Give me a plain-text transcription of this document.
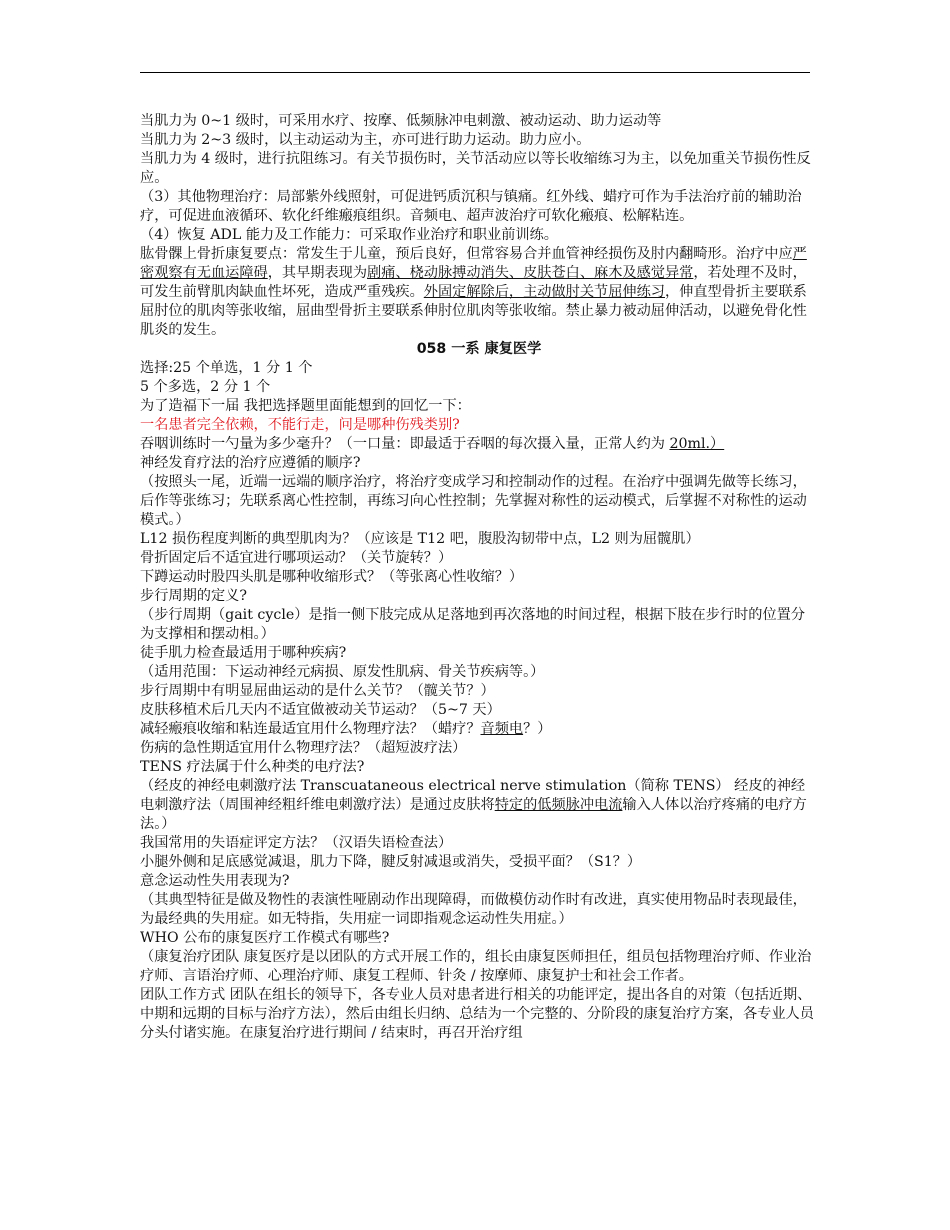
当肌力为 0~1 级时，可采用水疗、按摩、低频脉冲电刺激、被动运动、助力运动等

当肌力为 2~3 级时，以主动运动为主，亦可进行助力运动。助力应小。

当肌力为 4 级时，进行抗阻练习。有关节损伤时，关节活动应以等长收缩练习为主，以免加重关节损伤性反应。

（3）其他物理治疗：局部紫外线照射，可促进钙质沉积与镇痛。红外线、蜡疗可作为手法治疗前的辅助治疗，可促进血液循环、软化纤维瘢痕组织。音频电、超声波治疗可软化瘢痕、松解粘连。

（4）恢复 ADL 能力及工作能力：可采取作业治疗和职业前训练。

肱骨髁上骨折康复要点：常发生于儿童，预后良好，但常容易合并血管神经损伤及肘内翻畸形。治疗中应严密观察有无血运障碍，其早期表现为剧痛、桡动脉搏动消失、皮肤苍白、麻木及感觉异常，若处理不及时，可发生前臂肌肉缺血性坏死，造成严重残疾。外固定解除后，主动做肘关节屈伸练习，伸直型骨折主要联系屈肘位的肌肉等张收缩，屈曲型骨折主要联系伸肘位肌肉等张收缩。禁止暴力被动屈伸活动，以避免骨化性肌炎的发生。

058 一系 康复医学

选择:25 个单选，1 分 1 个

5 个多选，2 分 1 个

为了造福下一届 我把选择题里面能想到的回忆一下：

一名患者完全依赖，不能行走，问是哪种伤残类别?

吞咽训练时一勺量为多少毫升？（一口量：即最适于吞咽的每次摄入量，正常人约为 20ml.）

神经发育疗法的治疗应遵循的顺序?

（按照头一尾，近端一远端的顺序治疗，将治疗变成学习和控制动作的过程。在治疗中强调先做等长练习，后作等张练习；先联系离心性控制，再练习向心性控制；先掌握对称性的运动模式，后掌握不对称性的运动模式。）

L12 损伤程度判断的典型肌肉为？（应该是 T12 吧，腹股沟韧带中点，L2 则为屈髋肌）

骨折固定后不适宜进行哪项运动？（关节旋转？）

下蹲运动时股四头肌是哪种收缩形式？（等张离心性收缩？）

步行周期的定义?

（步行周期（gait cycle）是指一侧下肢完成从足落地到再次落地的时间过程，根据下肢在步行时的位置分为支撑相和摆动相。）

徒手肌力检查最适用于哪种疾病?

（适用范围：下运动神经元病损、原发性肌病、骨关节疾病等。）

步行周期中有明显屈曲运动的是什么关节？（髋关节？）

皮肤移植术后几天内不适宜做被动关节运动？（5~7 天）

减轻瘢痕收缩和粘连最适宜用什么物理疗法？（蜡疗？音频电？）

伤病的急性期适宜用什么物理疗法？（超短波疗法）

TENS 疗法属于什么种类的电疗法?

（经皮的神经电刺激疗法 Transcuataneous electrical nerve stimulation（简称 TENS） 经皮的神经电刺激疗法（周围神经粗纤维电刺激疗法）是通过皮肤将特定的低频脉冲电流输入人体以治疗疼痛的电疗方法。）

我国常用的失语症评定方法？（汉语失语检查法）

小腿外侧和足底感觉减退，肌力下降，腱反射减退或消失，受损平面？（S1？）

意念运动性失用表现为?

（其典型特征是做及物性的表演性哑剧动作出现障碍，而做模仿动作时有改进，真实使用物品时表现最佳，为最经典的失用症。如无特指，失用症一词即指观念运动性失用症。）

WHO 公布的康复医疗工作模式有哪些?

（康复治疗团队 康复医疗是以团队的方式开展工作的，组长由康复医师担任，组员包括物理治疗师、作业治疗师、言语治疗师、心理治疗师、康复工程师、针灸 / 按摩师、康复护士和社会工作者。

团队工作方式 团队在组长的领导下，各专业人员对患者进行相关的功能评定，提出各自的对策（包括近期、中期和远期的目标与治疗方法），然后由组长归纳、总结为一个完整的、分阶段的康复治疗方案，各专业人员分头付诸实施。在康复治疗进行期间 / 结束时，再召开治疗组
